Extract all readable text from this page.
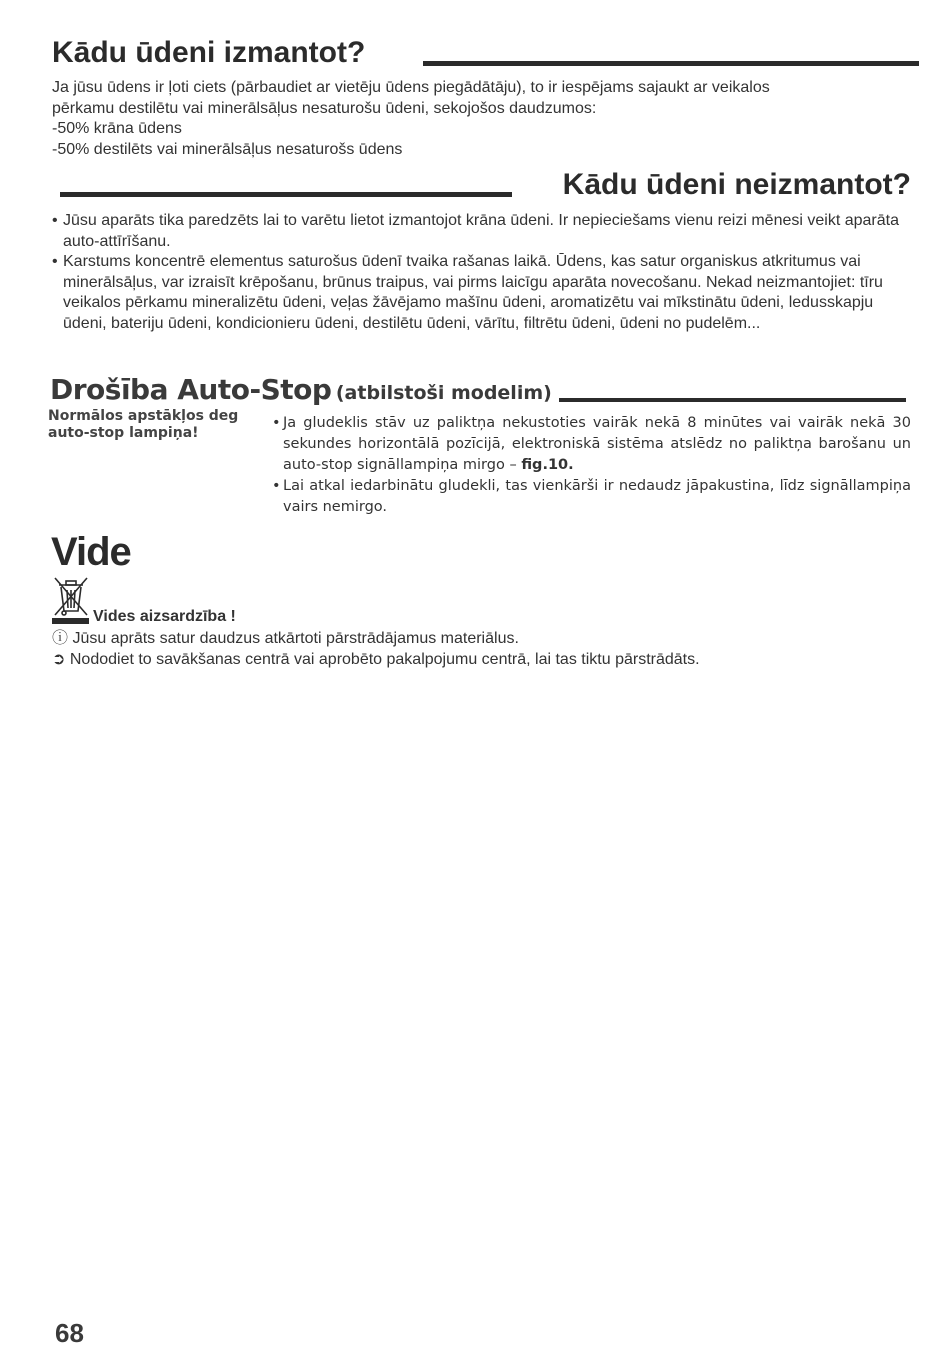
Kādu ūdeni izmantot?
Ja jūsu ūdens ir ļoti ciets (pārbaudiet ar vietēju ūdens piegādātāju), to ir iespējams sajaukt ar veikalos
pērkamu destilētu vai minerālsāļus nesaturošu ūdeni, sekojošos daudzumos:
-50% krāna ūdens
-50% destilēts vai minerālsāļus nesaturošs ūdens
Kādu ūdeni neizmantot?
• Jūsu aparāts tika paredzēts lai to varētu lietot izmantojot krāna ūdeni. Ir nepieciešams vienu reizi mēnesi veikt aparāta auto-attīrīšanu.
• Karstums koncentrē elementus saturošus ūdenī tvaika rašanas laikā. Ūdens, kas satur organiskus atkritumus vai minerālsāļus, var izraisīt krēpošanu, brūnus traipus, vai pirms laicīgu aparāta novecošanu. Nekad neizmantojiet: tīru veikalos pērkamu mineralizētu ūdeni, veļas žāvējamo mašīnu ūdeni, aromatizētu vai mīkstinātu ūdeni, ledusskapju ūdeni, bateriju ūdeni, kondicionieru ūdeni, destilētu ūdeni, vārītu, filtrētu ūdeni, ūdeni no pudelēm...
Drošība Auto-Stop (atbilstoši modelim)
Normālos apstākļos deg auto-stop lampiņa!
• Ja gludeklis stāv uz paliktņa nekustoties vairāk nekā 8 minūtes vai vairāk nekā 30 sekundes horizontālā pozīcijā, elektroniskā sistēma atslēdz no paliktņa barošanu un auto-stop signāllampiņa mirgo – fig.10.
• Lai atkal iedarbinātu gludekli, tas vienkārši ir nedaudz jāpakustina, līdz signāllampiņa vairs nemirgo.
Vide
Vides aizsardzība !
ⓘ Jūsu aprāts satur daudzus atkārtoti pārstrādājamus materiālus.
➲ Nododiet to savākšanas centrā vai aprobēto pakalpojumu centrā, lai tas tiktu pārstrādāts.
68
